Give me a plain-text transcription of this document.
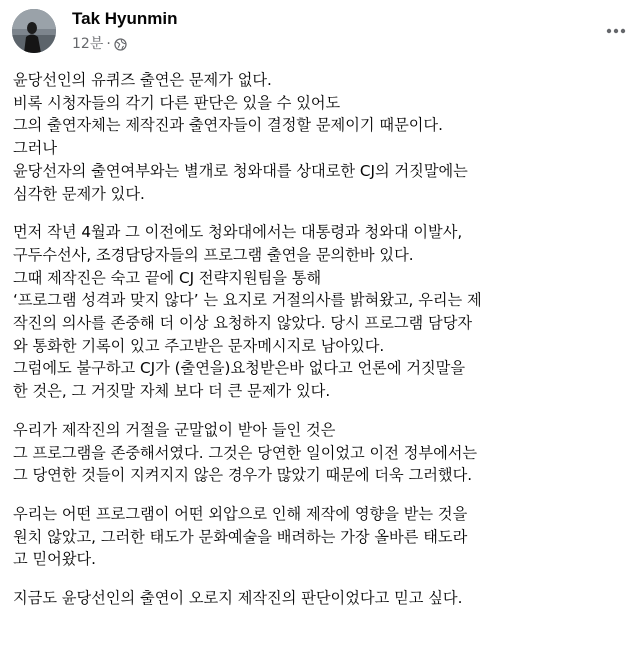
Tak Hyunmin
12분 ·
윤당선인의 유퀴즈 출연은 문제가 없다.
비록 시청자들의 각기 다른 판단은 있을 수 있어도
그의 출연자체는 제작진과 출연자들이 결정할 문제이기 때문이다.
그러나
윤당선자의 출연여부와는 별개로 청와대를 상대로한 CJ의 거짓말에는
심각한 문제가 있다.
먼저 작년 4월과 그 이전에도 청와대에서는 대통령과 청와대 이발사,
구두수선사, 조경담당자들의 프로그램 출연을 문의한바 있다.
그때 제작진은 숙고 끝에 CJ 전략지원팀을 통해
‘프로그램 성격과 맞지 않다’ 는 요지로 거절의사를 밝혀왔고, 우리는 제
작진의 의사를 존중해 더 이상 요청하지 않았다. 당시 프로그램 담당자
와 통화한 기록이 있고 주고받은 문자메시지로 남아있다.
그럼에도 불구하고 CJ가 (출연을)요청받은바 없다고 언론에 거짓말을
한 것은, 그 거짓말 자체 보다 더 큰 문제가 있다.
우리가 제작진의 거절을 군말없이 받아 들인 것은
그 프로그램을 존중해서였다. 그것은 당연한 일이었고 이전 정부에서는
그 당연한 것들이 지켜지지 않은 경우가 많았기 때문에 더욱 그러했다.
우리는 어떤 프로그램이 어떤 외압으로 인해 제작에 영향을 받는 것을
원치 않았고, 그러한 태도가 문화예술을 배려하는 가장 올바른 태도라
고 믿어왔다.
지금도 윤당선인의 출연이 오로지 제작진의 판단이었다고 믿고 싶다.
